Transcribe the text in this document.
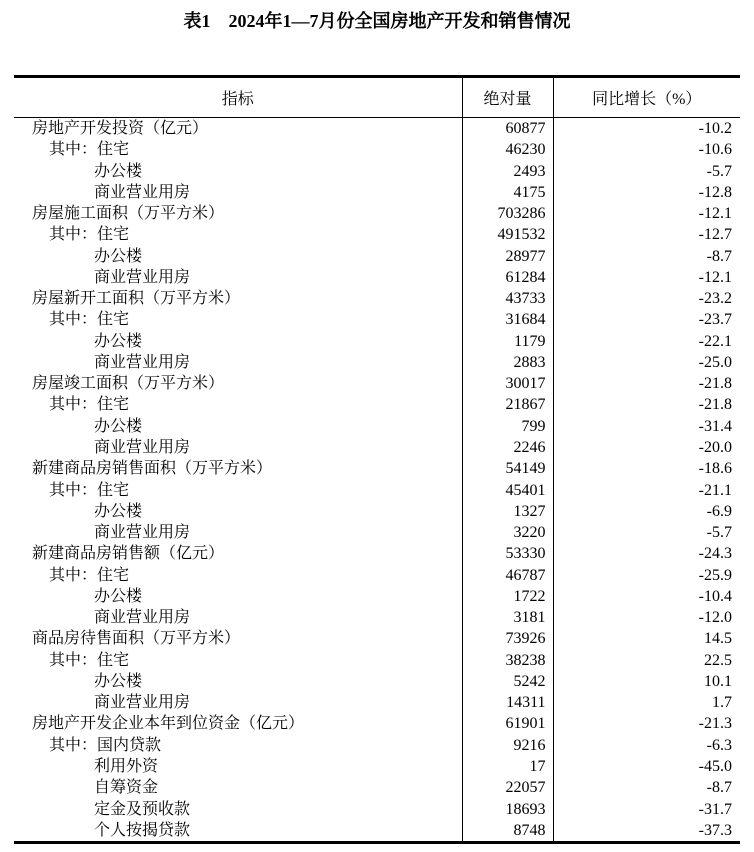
表1　2024年1—7月份全国房地产开发和销售情况
指标	绝对量	同比增长（%）
房地产开发投资（亿元）	60877	-10.2
其中：住宅	46230	-10.6
办公楼	2493	-5.7
商业营业用房	4175	-12.8
房屋施工面积（万平方米）	703286	-12.1
其中：住宅	491532	-12.7
办公楼	28977	-8.7
商业营业用房	61284	-12.1
房屋新开工面积（万平方米）	43733	-23.2
其中：住宅	31684	-23.7
办公楼	1179	-22.1
商业营业用房	2883	-25.0
房屋竣工面积（万平方米）	30017	-21.8
其中：住宅	21867	-21.8
办公楼	799	-31.4
商业营业用房	2246	-20.0
新建商品房销售面积（万平方米）	54149	-18.6
其中：住宅	45401	-21.1
办公楼	1327	-6.9
商业营业用房	3220	-5.7
新建商品房销售额（亿元）	53330	-24.3
其中：住宅	46787	-25.9
办公楼	1722	-10.4
商业营业用房	3181	-12.0
商品房待售面积（万平方米）	73926	14.5
其中：住宅	38238	22.5
办公楼	5242	10.1
商业营业用房	14311	1.7
房地产开发企业本年到位资金（亿元）	61901	-21.3
其中：国内贷款	9216	-6.3
利用外资	17	-45.0
自筹资金	22057	-8.7
定金及预收款	18693	-31.7
个人按揭贷款	8748	-37.3
